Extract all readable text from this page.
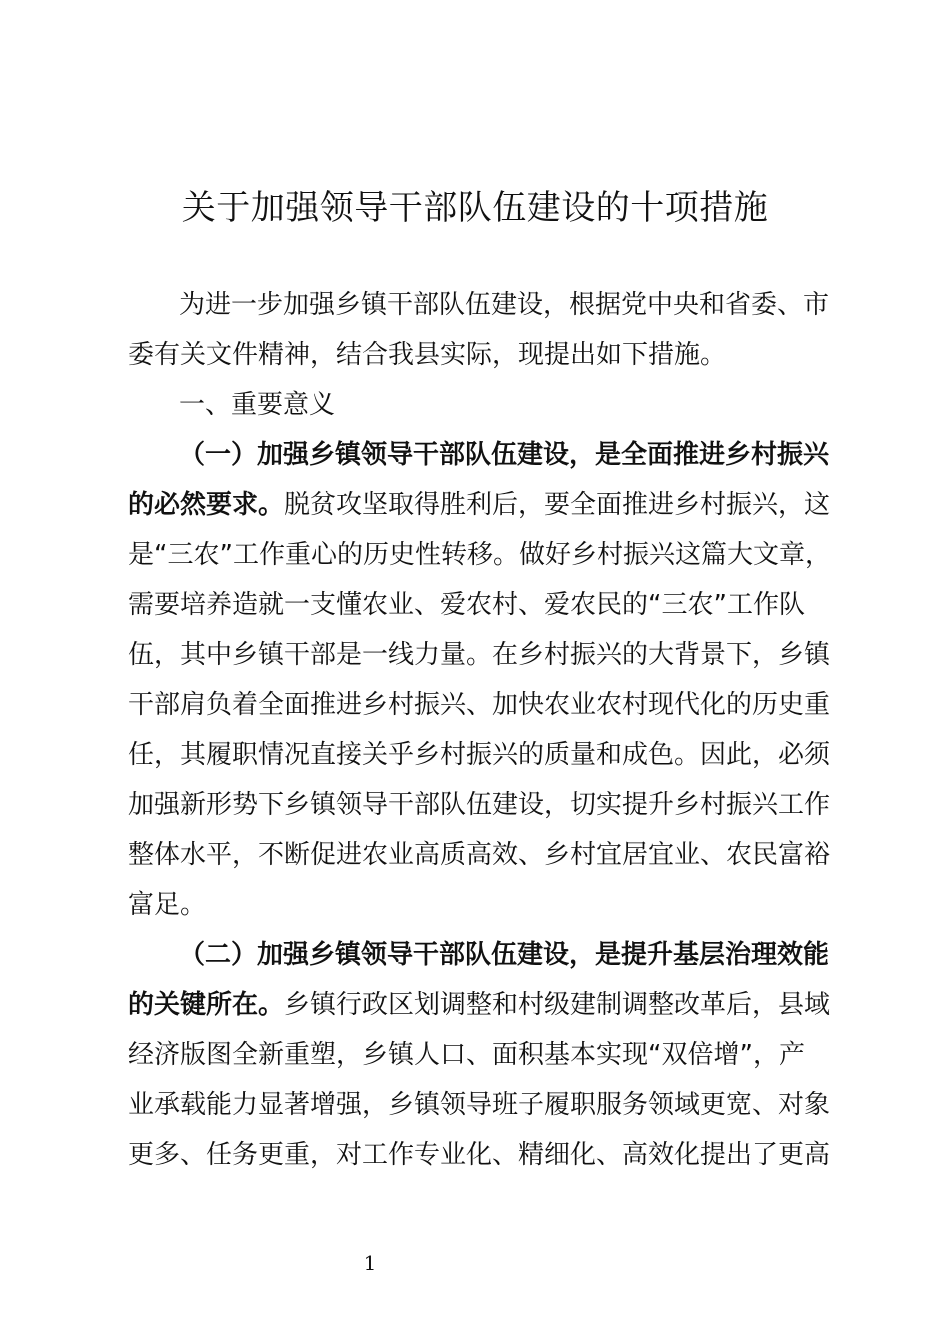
关于加强领导干部队伍建设的十项措施
为进一步加强乡镇干部队伍建设，根据党中央和省委、市
委有关文件精神，结合我县实际，现提出如下措施。
一、重要意义
（一）加强乡镇领导干部队伍建设，是全面推进乡村振兴
的必然要求。脱贫攻坚取得胜利后，要全面推进乡村振兴，这
是“三农”工作重心的历史性转移。做好乡村振兴这篇大文章，
需要培养造就一支懂农业、爱农村、爱农民的“三农”工作队
伍，其中乡镇干部是一线力量。在乡村振兴的大背景下，乡镇
干部肩负着全面推进乡村振兴、加快农业农村现代化的历史重
任，其履职情况直接关乎乡村振兴的质量和成色。因此，必须
加强新形势下乡镇领导干部队伍建设，切实提升乡村振兴工作
整体水平，不断促进农业高质高效、乡村宜居宜业、农民富裕
富足。
（二）加强乡镇领导干部队伍建设，是提升基层治理效能
的关键所在。乡镇行政区划调整和村级建制调整改革后，县域
经济版图全新重塑，乡镇人口、面积基本实现“双倍增”，产
业承载能力显著增强，乡镇领导班子履职服务领域更宽、对象
更多、任务更重，对工作专业化、精细化、高效化提出了更高
1
